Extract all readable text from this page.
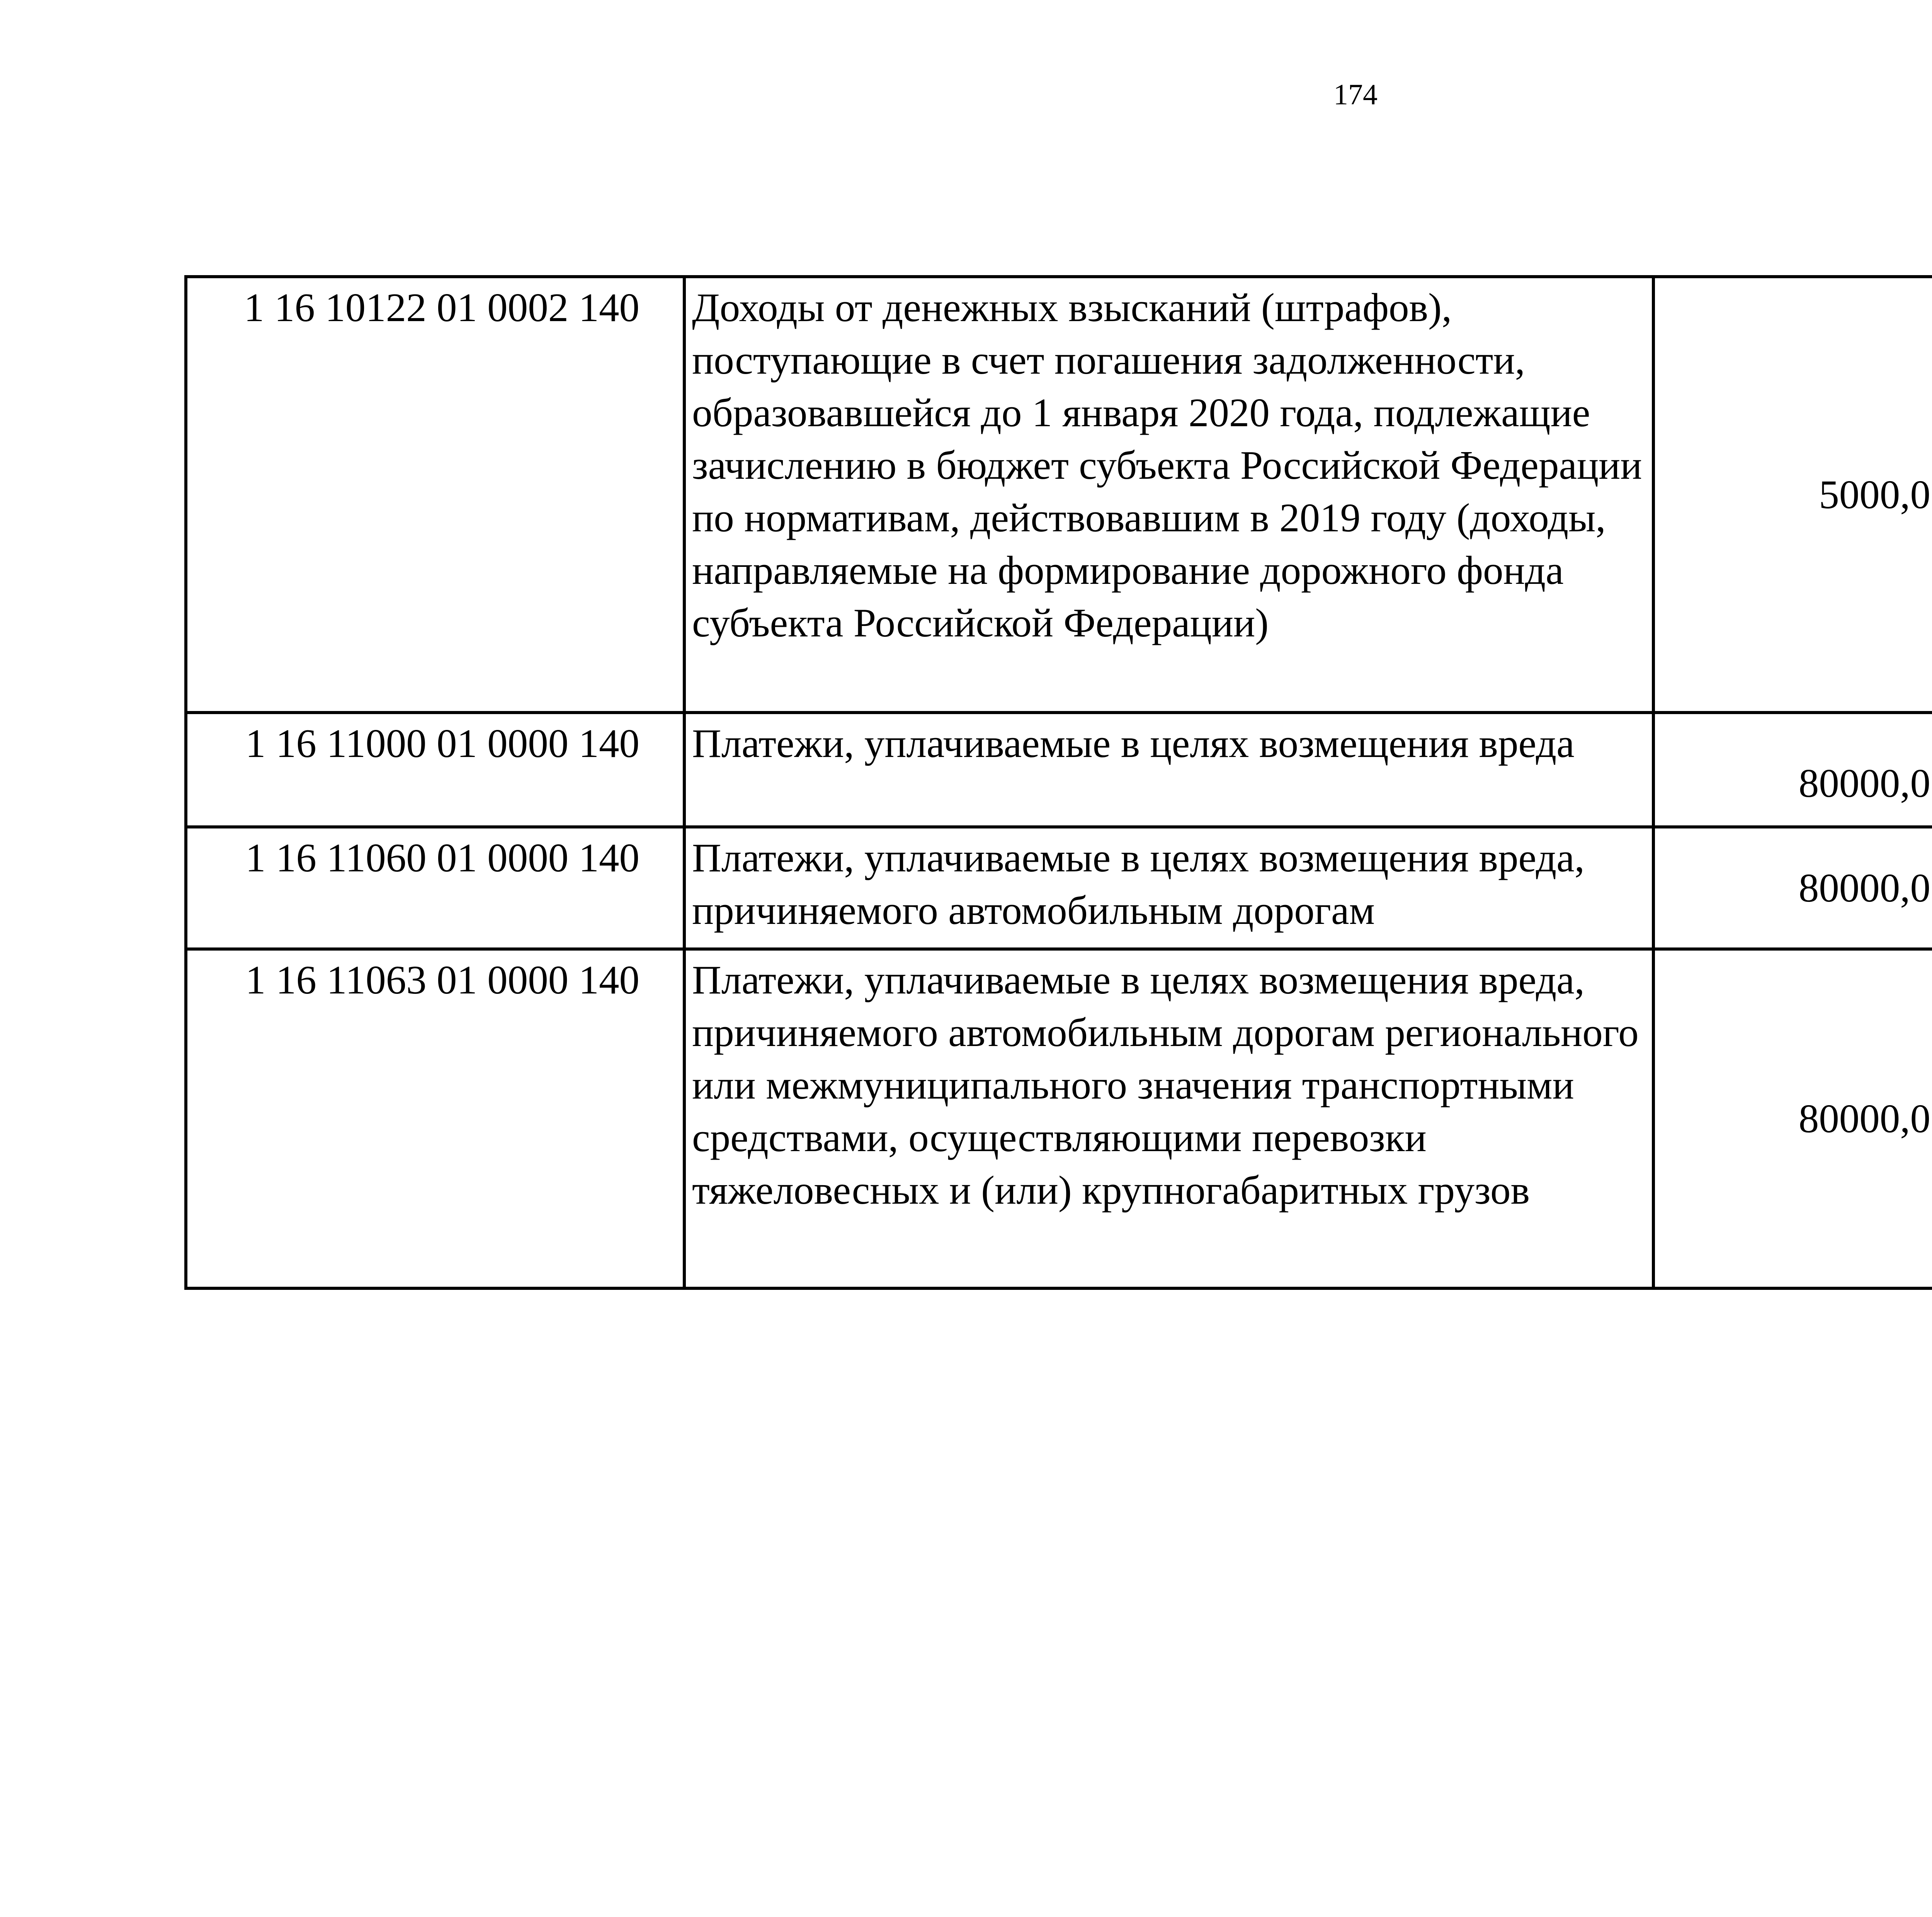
174
1 16 10122 01 0002 140	Доходы от денежных взысканий (штрафов), поступающие в счет погашения задолженности, образовавшейся до 1 января 2020 года, подлежащие зачислению в бюджет субъекта Российской Федерации по нормативам, действовавшим в 2019 году (доходы, направляемые на формирование дорожного фонда субъекта Российской Федерации)	5000,0		
1 16 11000 01 0000 140	Платежи, уплачиваемые в целях возмещения вреда	80000,0		
1 16 11060 01 0000 140	Платежи, уплачиваемые в целях возмещения вреда, причиняемого автомобильным дорогам	80000,0		
1 16 11063 01 0000 140	Платежи, уплачиваемые в целях возмещения вреда, причиняемого автомобильным дорогам регионального или межмуниципального значения транспортными средствами, осуществляющими перевозки тяжеловесных и (или) крупногабаритных грузов	80000,0		
